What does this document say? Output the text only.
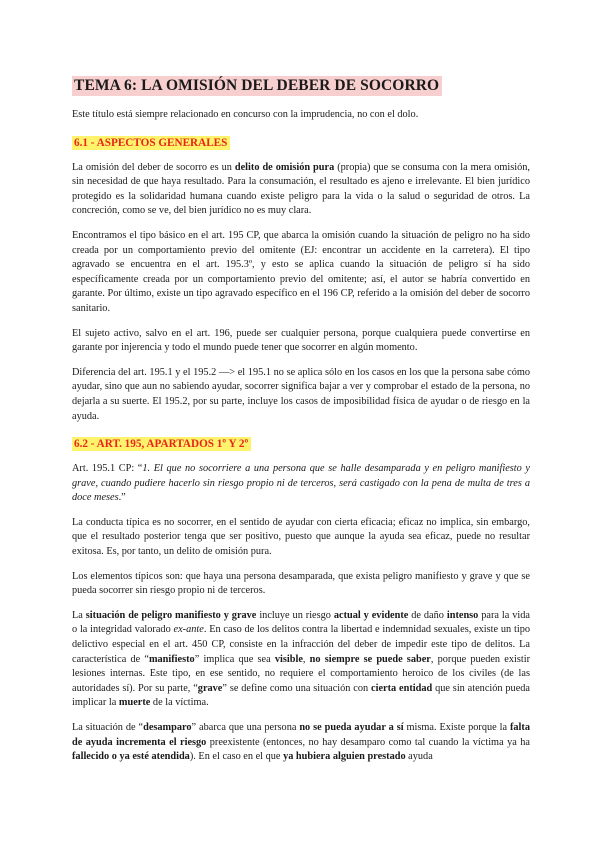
TEMA 6: LA OMISIÓN DEL DEBER DE SOCORRO

Este título está siempre relacionado en concurso con la imprudencia, no con el dolo.

6.1 - ASPECTOS GENERALES

La omisión del deber de socorro es un delito de omisión pura (propia) que se consuma con la mera omisión, sin necesidad de que haya resultado. Para la consumación, el resultado es ajeno e irrelevante. El bien jurídico protegido es la solidaridad humana cuando existe peligro para la vida o la salud o seguridad de otros. La concreción, como se ve, del bien jurídico no es muy clara.

Encontramos el tipo básico en el art. 195 CP, que abarca la omisión cuando la situación de peligro no ha sido creada por un comportamiento previo del omitente (EJ: encontrar un accidente en la carretera). El tipo agravado se encuentra en el art. 195.3º, y esto se aplica cuando la situación de peligro sí ha sido específicamente creada por un comportamiento previo del omitente; así, el autor se habría convertido en garante. Por último, existe un tipo agravado específico en el 196 CP, referido a la omisión del deber de socorro sanitario.

El sujeto activo, salvo en el art. 196, puede ser cualquier persona, porque cualquiera puede convertirse en garante por injerencia y todo el mundo puede tener que socorrer en algún momento.

Diferencia del art. 195.1 y el 195.2 —> el 195.1 no se aplica sólo en los casos en los que la persona sabe cómo ayudar, sino que aun no sabiendo ayudar, socorrer significa bajar a ver y comprobar el estado de la persona, no dejarla a su suerte. El 195.2, por su parte, incluye los casos de imposibilidad física de ayudar o de riesgo en la ayuda.

6.2 - ART. 195, APARTADOS 1º Y 2º

Art. 195.1 CP: “1. El que no socorriere a una persona que se halle desamparada y en peligro manifiesto y grave, cuando pudiere hacerlo sin riesgo propio ni de terceros, será castigado con la pena de multa de tres a doce meses.”

La conducta típica es no socorrer, en el sentido de ayudar con cierta eficacia; eficaz no implica, sin embargo, que el resultado posterior tenga que ser positivo, puesto que aunque la ayuda sea eficaz, puede no resultar exitosa. Es, por tanto, un delito de omisión pura.

Los elementos típicos son: que haya una persona desamparada, que exista peligro manifiesto y grave y que se pueda socorrer sin riesgo propio ni de terceros.

La situación de peligro manifiesto y grave incluye un riesgo actual y evidente de daño intenso para la vida o la integridad valorado ex-ante. En caso de los delitos contra la libertad e indemnidad sexuales, existe un tipo delictivo especial en el art. 450 CP, consiste en la infracción del deber de impedir este tipo de delitos. La característica de “manifiesto” implica que sea visible, no siempre se puede saber, porque pueden existir lesiones internas. Este tipo, en ese sentido, no requiere el comportamiento heroico de los civiles (de las autoridades sí). Por su parte, “grave” se define como una situación con cierta entidad que sin atención pueda implicar la muerte de la víctima.

La situación de “desamparo” abarca que una persona no se pueda ayudar a sí misma. Existe porque la falta de ayuda incrementa el riesgo preexistente (entonces, no hay desamparo como tal cuando la víctima ya ha fallecido o ya esté atendida). En el caso en el que ya hubiera alguien prestado ayuda
